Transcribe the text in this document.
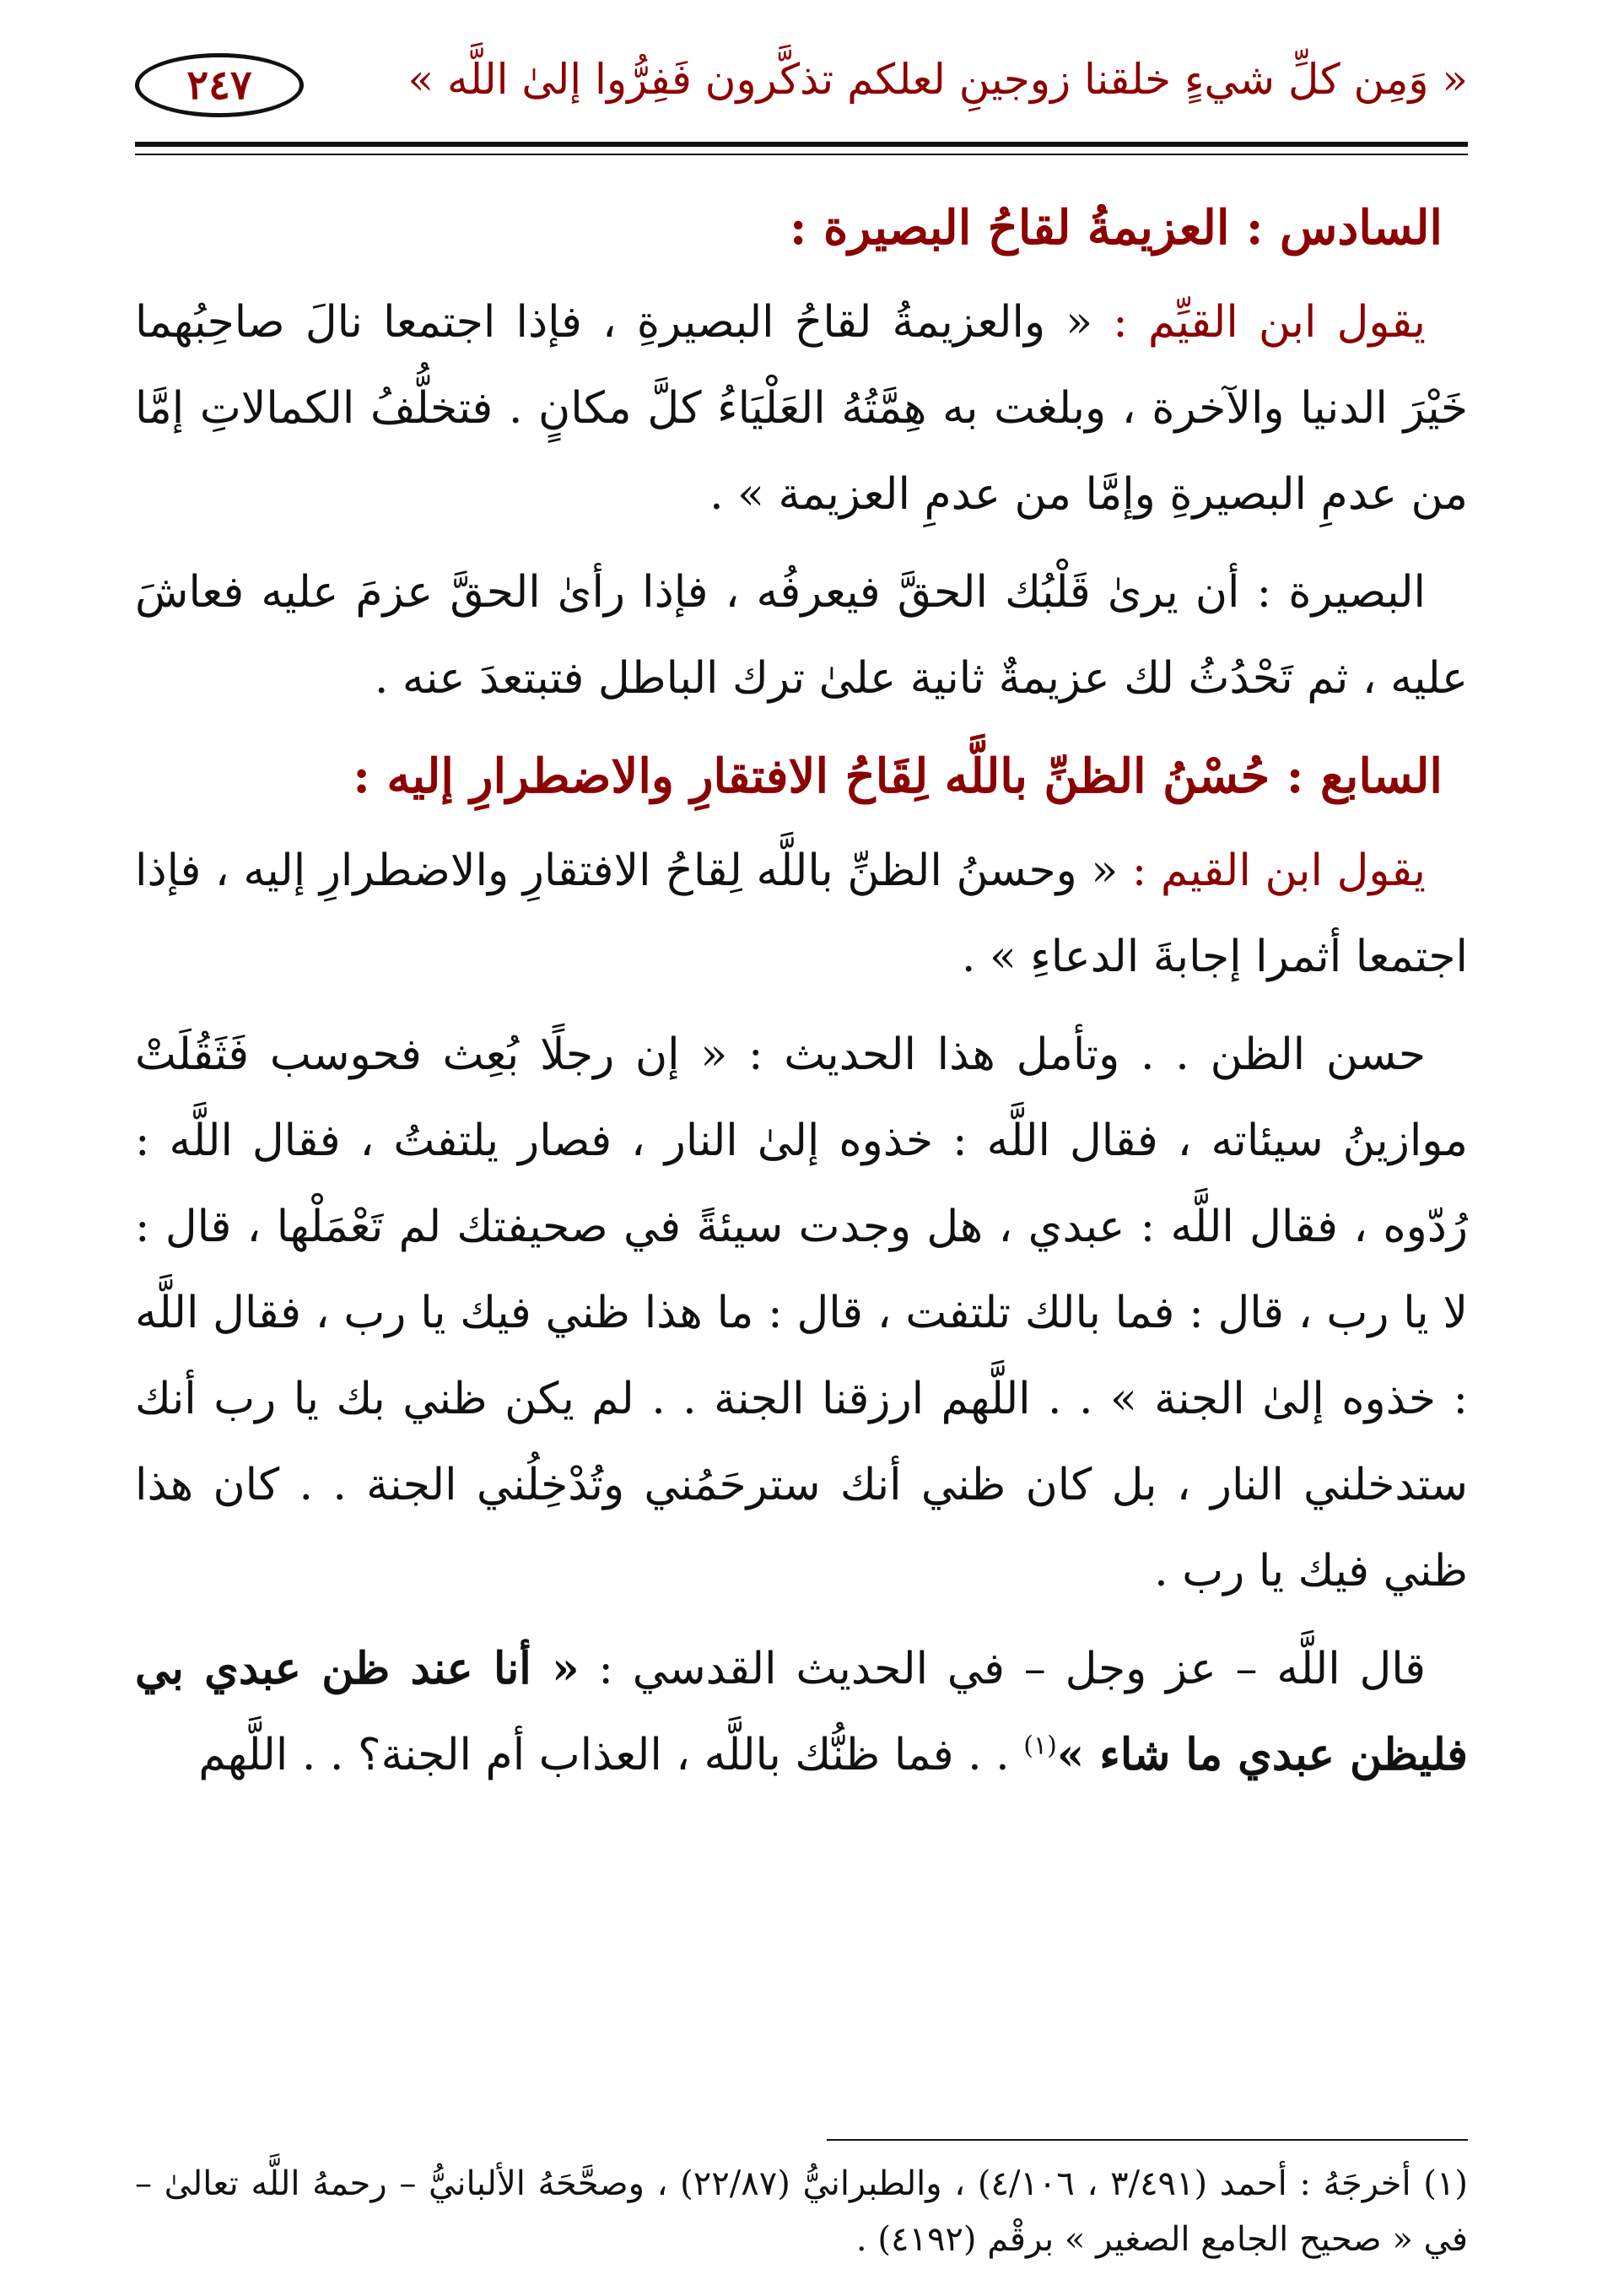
٢٤٧	« وَمِن كلِّ شيءٍ خلقنا زوجينِ لعلكم تذكَّرون فَفِرُّوا إلىٰ اللَّه »
السادس : العزيمةُ لقاحُ البصيرة :

يقول ابن القيِّم : « والعزيمةُ لقاحُ البصيرةِ ، فإذا اجتمعا نالَ صاحِبُهما خَيْرَ الدنيا والآخرة ، وبلغت به هِمَّتُهُ العَلْيَاءُ كلَّ مكانٍ . فتخلُّفُ الكمالاتِ إمَّا من عدمِ البصيرةِ وإمَّا من عدمِ العزيمة » .

البصيرة : أن يرىٰ قَلْبُك الحقَّ فيعرفُه ، فإذا رأىٰ الحقَّ عزمَ عليه فعاشَ عليه ، ثم تَحْدُثُ لك عزيمةٌ ثانية علىٰ ترك الباطل فتبتعدَ عنه .

السابع : حُسْنُ الظنِّ باللَّه لِقَاحُ الافتقارِ والاضطرارِ إليه :

يقول ابن القيم : « وحسنُ الظنِّ باللَّه لِقاحُ الافتقارِ والاضطرارِ إليه ، فإذا اجتمعا أثمرا إجابةَ الدعاءِ » .

حسن الظن . . وتأمل هذا الحديث : « إن رجلًا بُعِث فحوسب فَثَقُلَتْ موازينُ سيئاته ، فقال اللَّه : خذوه إلىٰ النار ، فصار يلتفتُ ، فقال اللَّه : رُدّوه ، فقال اللَّه : عبدي ، هل وجدت سيئةً في صحيفتك لم تَعْمَلْها ، قال : لا يا رب ، قال : فما بالك تلتفت ، قال : ما هذا ظني فيك يا رب ، فقال اللَّه : خذوه إلىٰ الجنة » . . اللَّهم ارزقنا الجنة . . لم يكن ظني بك يا رب أنك ستدخلني النار ، بل كان ظني أنك سترحَمُني وتُدْخِلُني الجنة . . كان هذا ظني فيك يا رب .

قال اللَّه – عز وجل – في الحديث القدسي : « أنا عند ظن عبدي بي فليظن عبدي ما شاء »$^{(١)}$ . . فما ظنُّك باللَّه ، العذاب أم الجنة؟ . . اللَّهم

(١) أخرجَهُ : أحمد (٣/٤٩١ ، ٤/١٠٦) ، والطبرانيُّ (٢٢/٨٧) ، وصحَّحَهُ الألبانيُّ – رحمهُ اللَّه تعالىٰ – في « صحيح الجامع الصغير » برقْم (٤١٩٢) .
